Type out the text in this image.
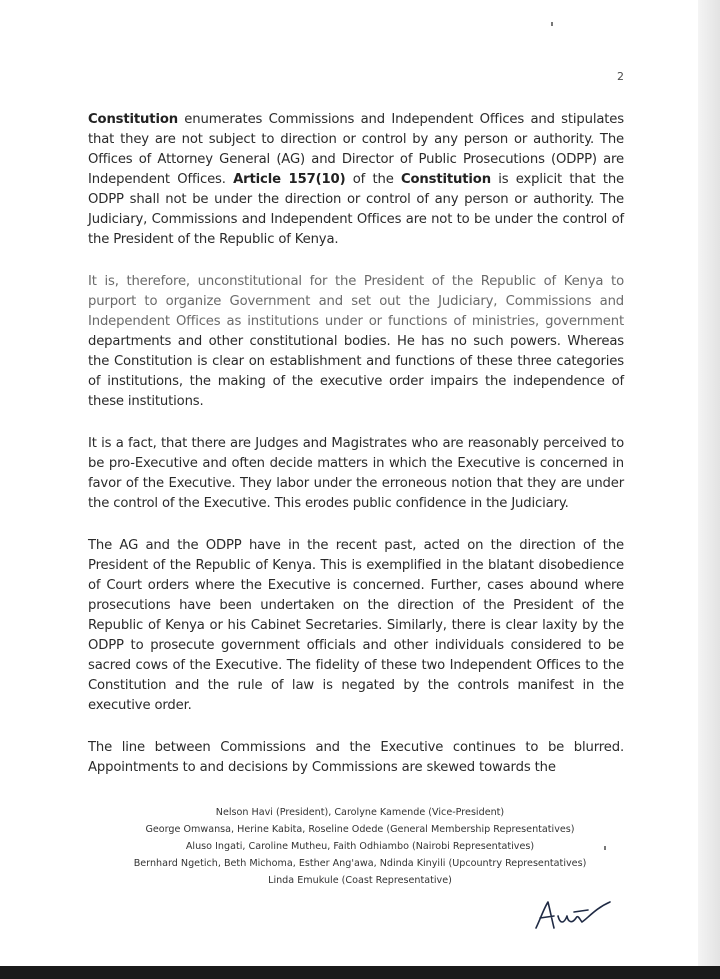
2

Constitution enumerates Commissions and Independent Offices and stipulates that they are not subject to direction or control by any person or authority. The Offices of Attorney General (AG) and Director of Public Prosecutions (ODPP) are Independent Offices. Article 157(10) of the Constitution is explicit that the ODPP shall not be under the direction or control of any person or authority. The Judiciary, Commissions and Independent Offices are not to be under the control of the President of the Republic of Kenya.

It is, therefore, unconstitutional for the President of the Republic of Kenya to purport to organize Government and set out the Judiciary, Commissions and Independent Offices as institutions under or functions of ministries, government departments and other constitutional bodies. He has no such powers. Whereas the Constitution is clear on establishment and functions of these three categories of institutions, the making of the executive order impairs the independence of these institutions.

It is a fact, that there are Judges and Magistrates who are reasonably perceived to be pro-Executive and often decide matters in which the Executive is concerned in favor of the Executive. They labor under the erroneous notion that they are under the control of the Executive. This erodes public confidence in the Judiciary.

The AG and the ODPP have in the recent past, acted on the direction of the President of the Republic of Kenya. This is exemplified in the blatant disobedience of Court orders where the Executive is concerned. Further, cases abound where prosecutions have been undertaken on the direction of the President of the Republic of Kenya or his Cabinet Secretaries. Similarly, there is clear laxity by the ODPP to prosecute government officials and other individuals considered to be sacred cows of the Executive. The fidelity of these two Independent Offices to the Constitution and the rule of law is negated by the controls manifest in the executive order.

The line between Commissions and the Executive continues to be blurred. Appointments to and decisions by Commissions are skewed towards the

Nelson Havi (President), Carolyne Kamende (Vice-President)
George Omwansa, Herine Kabita, Roseline Odede (General Membership Representatives)
Aluso Ingati, Caroline Mutheu, Faith Odhiambo (Nairobi Representatives)
Bernhard Ngetich, Beth Michoma, Esther Ang'awa, Ndinda Kinyili (Upcountry Representatives)
Linda Emukule (Coast Representative)
